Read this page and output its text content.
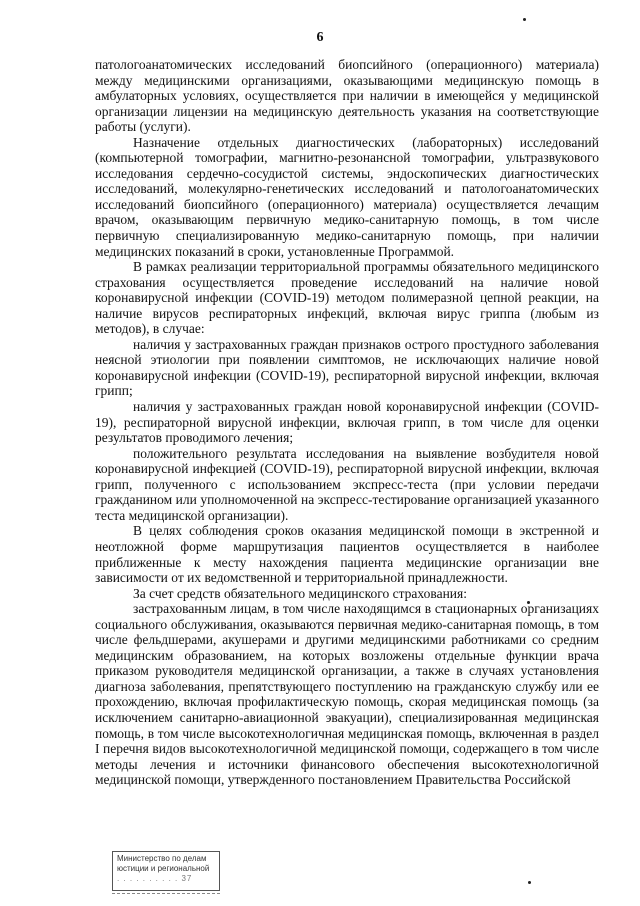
6

патологоанатомических исследований биопсийного (операционного) материала) между медицинскими организациями, оказывающими медицинскую помощь в амбулаторных условиях, осуществляется при наличии в имеющейся у медицинской организации лицензии на медицинскую деятельность указания на соответствующие работы (услуги).

Назначение отдельных диагностических (лабораторных) исследований (компьютерной томографии, магнитно-резонансной томографии, ультразвукового исследования сердечно-сосудистой системы, эндоскопических диагностических исследований, молекулярно-генетических исследований и патологоанатомических исследований биопсийного (операционного) материала) осуществляется лечащим врачом, оказывающим первичную медико-санитарную помощь, в том числе первичную специализированную медико-санитарную помощь, при наличии медицинских показаний в сроки, установленные Программой.

В рамках реализации территориальной программы обязательного медицинского страхования осуществляется проведение исследований на наличие новой коронавирусной инфекции (COVID-19) методом полимеразной цепной реакции, на наличие вирусов респираторных инфекций, включая вирус гриппа (любым из методов), в случае:

наличия у застрахованных граждан признаков острого простудного заболевания неясной этиологии при появлении симптомов, не исключающих наличие новой коронавирусной инфекции (COVID-19), респираторной вирусной инфекции, включая грипп;

наличия у застрахованных граждан новой коронавирусной инфекции (COVID-19), респираторной вирусной инфекции, включая грипп, в том числе для оценки результатов проводимого лечения;

положительного результата исследования на выявление возбудителя новой коронавирусной инфекцией (COVID-19), респираторной вирусной инфекции, включая грипп, полученного с использованием экспресс-теста (при условии передачи гражданином или уполномоченной на экспресс-тестирование организацией указанного теста медицинской организации).

В целях соблюдения сроков оказания медицинской помощи в экстренной и неотложной форме маршрутизация пациентов осуществляется в наиболее приближенные к месту нахождения пациента медицинские организации вне зависимости от их ведомственной и территориальной принадлежности.

За счет средств обязательного медицинского страхования:

застрахованным лицам, в том числе находящимся в стационарных организациях социального обслуживания, оказываются первичная медико-санитарная помощь, в том числе фельдшерами, акушерами и другими медицинскими работниками со средним медицинским образованием, на которых возложены отдельные функции врача приказом руководителя медицинской организации, а также в случаях установления диагноза заболевания, препятствующего поступлению на гражданскую службу или ее прохождению, включая профилактическую помощь, скорая медицинская помощь (за исключением санитарно-авиационной эвакуации), специализированная медицинская помощь, в том числе высокотехнологичная медицинская помощь, включенная в раздел I перечня видов высокотехнологичной медицинской помощи, содержащего в том числе методы лечения и источники финансового обеспечения высокотехнологичной медицинской помощи, утвержденного постановлением Правительства Российской

Министерство по делам
юстиции и региональной
. . . . . . . . . . 37
